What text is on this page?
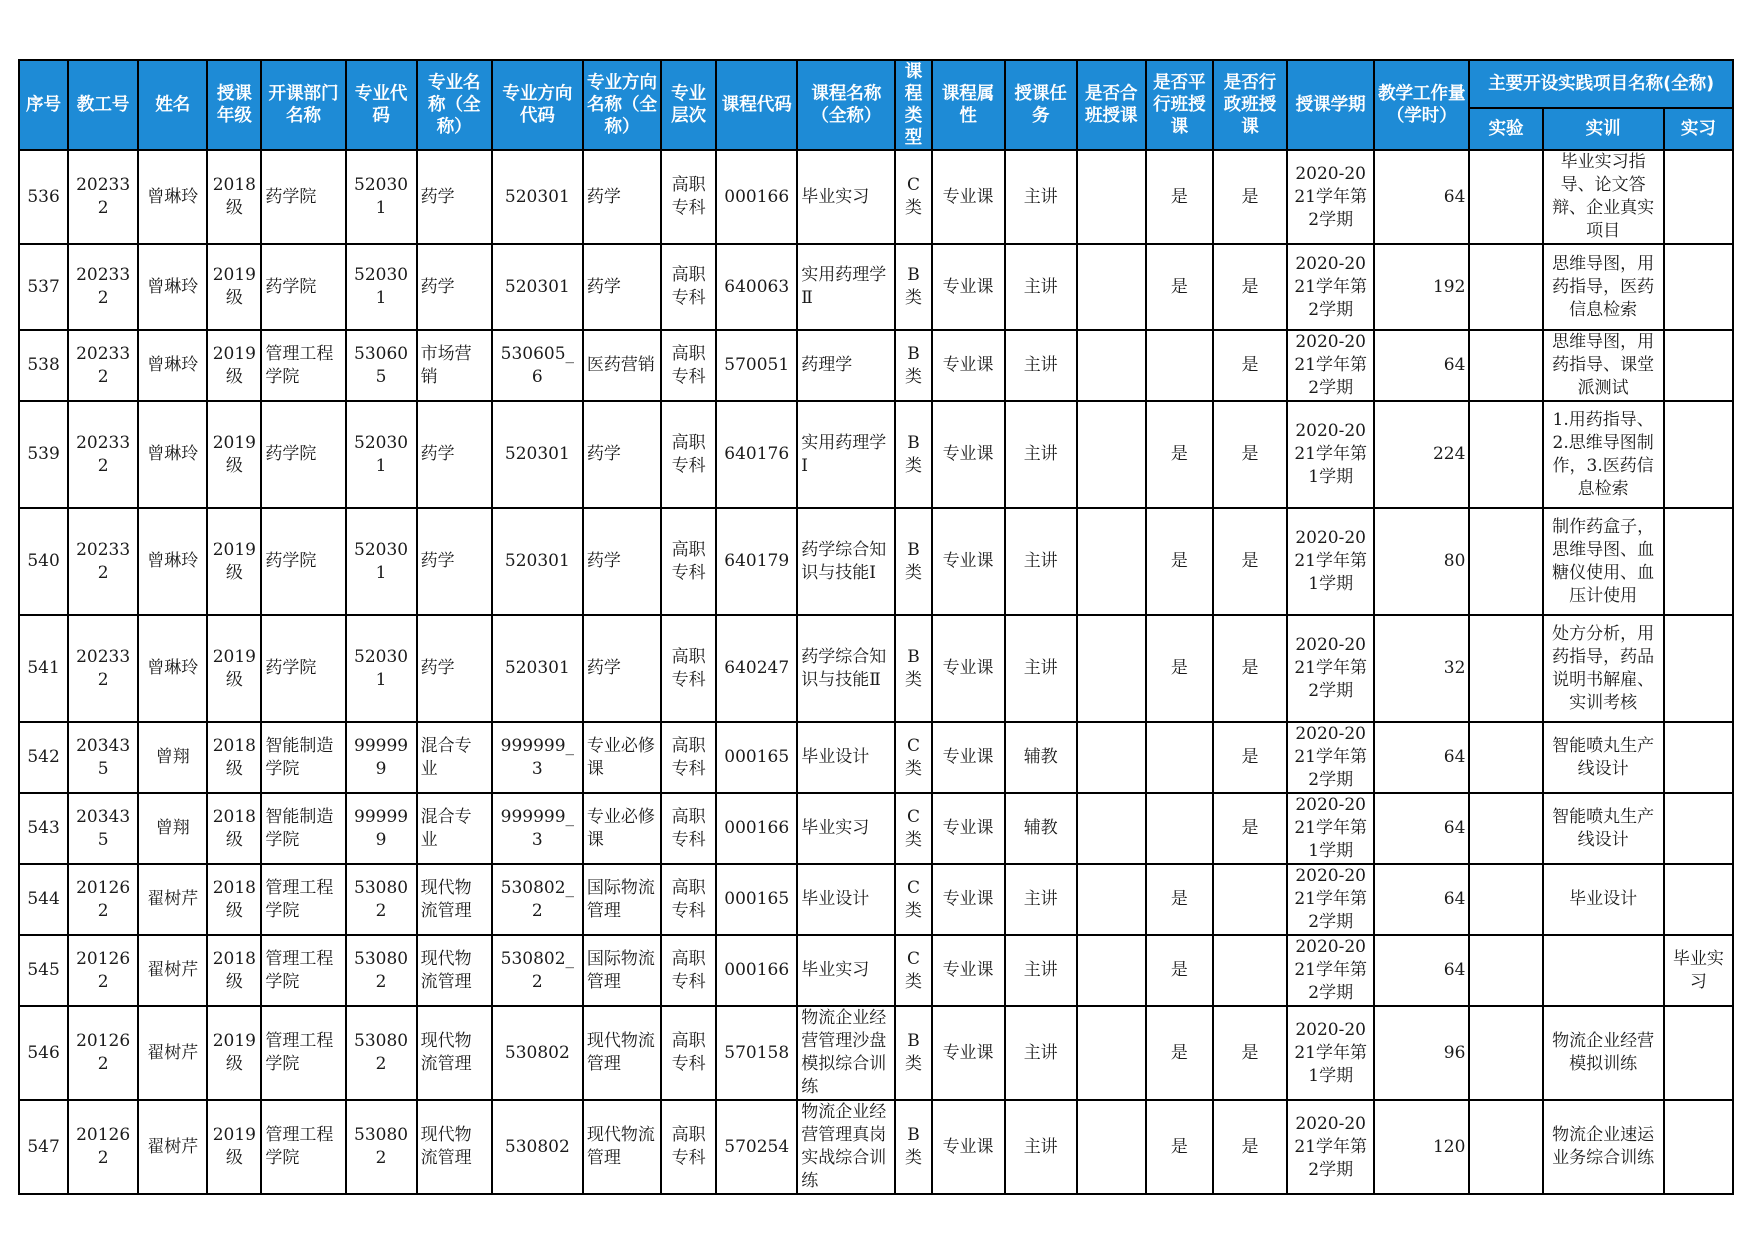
序号	教工号	姓名	授课年级	开课部门名称	专业代码	专业名称（全称）	专业方向代码	专业方向名称（全称）	专业层次	课程代码	课程名称（全称）	课程类型	课程属性	授课任务	是否合班授课	是否平行班授课	是否行政班授课	授课学期	教学工作量（学时）	主要开设实践项目名称(全称)		
																				实验	实训	实习
536	202332	曾琳玲	2018级	药学院	520301	药学	520301	药学	高职专科	000166	毕业实习	C类	专业课	主讲		是	是	2020-2021学年第2学期	64		毕业实习指导、论文答辩、企业真实项目	
537	202332	曾琳玲	2019级	药学院	520301	药学	520301	药学	高职专科	640063	实用药理学Ⅱ	B类	专业课	主讲		是	是	2020-2021学年第2学期	192		思维导图，用药指导，医药信息检索	
538	202332	曾琳玲	2019级	管理工程学院	530605	市场营销	530605_6	医药营销	高职专科	570051	药理学	B类	专业课	主讲			是	2020-2021学年第2学期	64		思维导图，用药指导、课堂派测试	
539	202332	曾琳玲	2019级	药学院	520301	药学	520301	药学	高职专科	640176	实用药理学Ⅰ	B类	专业课	主讲		是	是	2020-2021学年第1学期	224		1.用药指导、2.思维导图制作，3.医药信息检索	
540	202332	曾琳玲	2019级	药学院	520301	药学	520301	药学	高职专科	640179	药学综合知识与技能Ⅰ	B类	专业课	主讲		是	是	2020-2021学年第1学期	80		制作药盒子，思维导图、血糖仪使用、血压计使用	
541	202332	曾琳玲	2019级	药学院	520301	药学	520301	药学	高职专科	640247	药学综合知识与技能Ⅱ	B类	专业课	主讲		是	是	2020-2021学年第2学期	32		处方分析，用药指导，药品说明书解雇、实训考核	
542	203435	曾翔	2018级	智能制造学院	999999	混合专业	999999_3	专业必修课	高职专科	000165	毕业设计	C类	专业课	辅教			是	2020-2021学年第2学期	64		智能喷丸生产线设计	
543	203435	曾翔	2018级	智能制造学院	999999	混合专业	999999_3	专业必修课	高职专科	000166	毕业实习	C类	专业课	辅教			是	2020-2021学年第1学期	64		智能喷丸生产线设计	
544	201262	翟树芹	2018级	管理工程学院	530802	现代物流管理	530802_2	国际物流管理	高职专科	000165	毕业设计	C类	专业课	主讲		是		2020-2021学年第2学期	64		毕业设计	
545	201262	翟树芹	2018级	管理工程学院	530802	现代物流管理	530802_2	国际物流管理	高职专科	000166	毕业实习	C类	专业课	主讲		是		2020-2021学年第2学期	64			毕业实习
546	201262	翟树芹	2019级	管理工程学院	530802	现代物流管理	530802	现代物流管理	高职专科	570158	物流企业经营管理沙盘模拟综合训练	B类	专业课	主讲		是	是	2020-2021学年第1学期	96		物流企业经营模拟训练	
547	201262	翟树芹	2019级	管理工程学院	530802	现代物流管理	530802	现代物流管理	高职专科	570254	物流企业经营管理真岗实战综合训练	B类	专业课	主讲		是	是	2020-2021学年第2学期	120		物流企业速运业务综合训练	
